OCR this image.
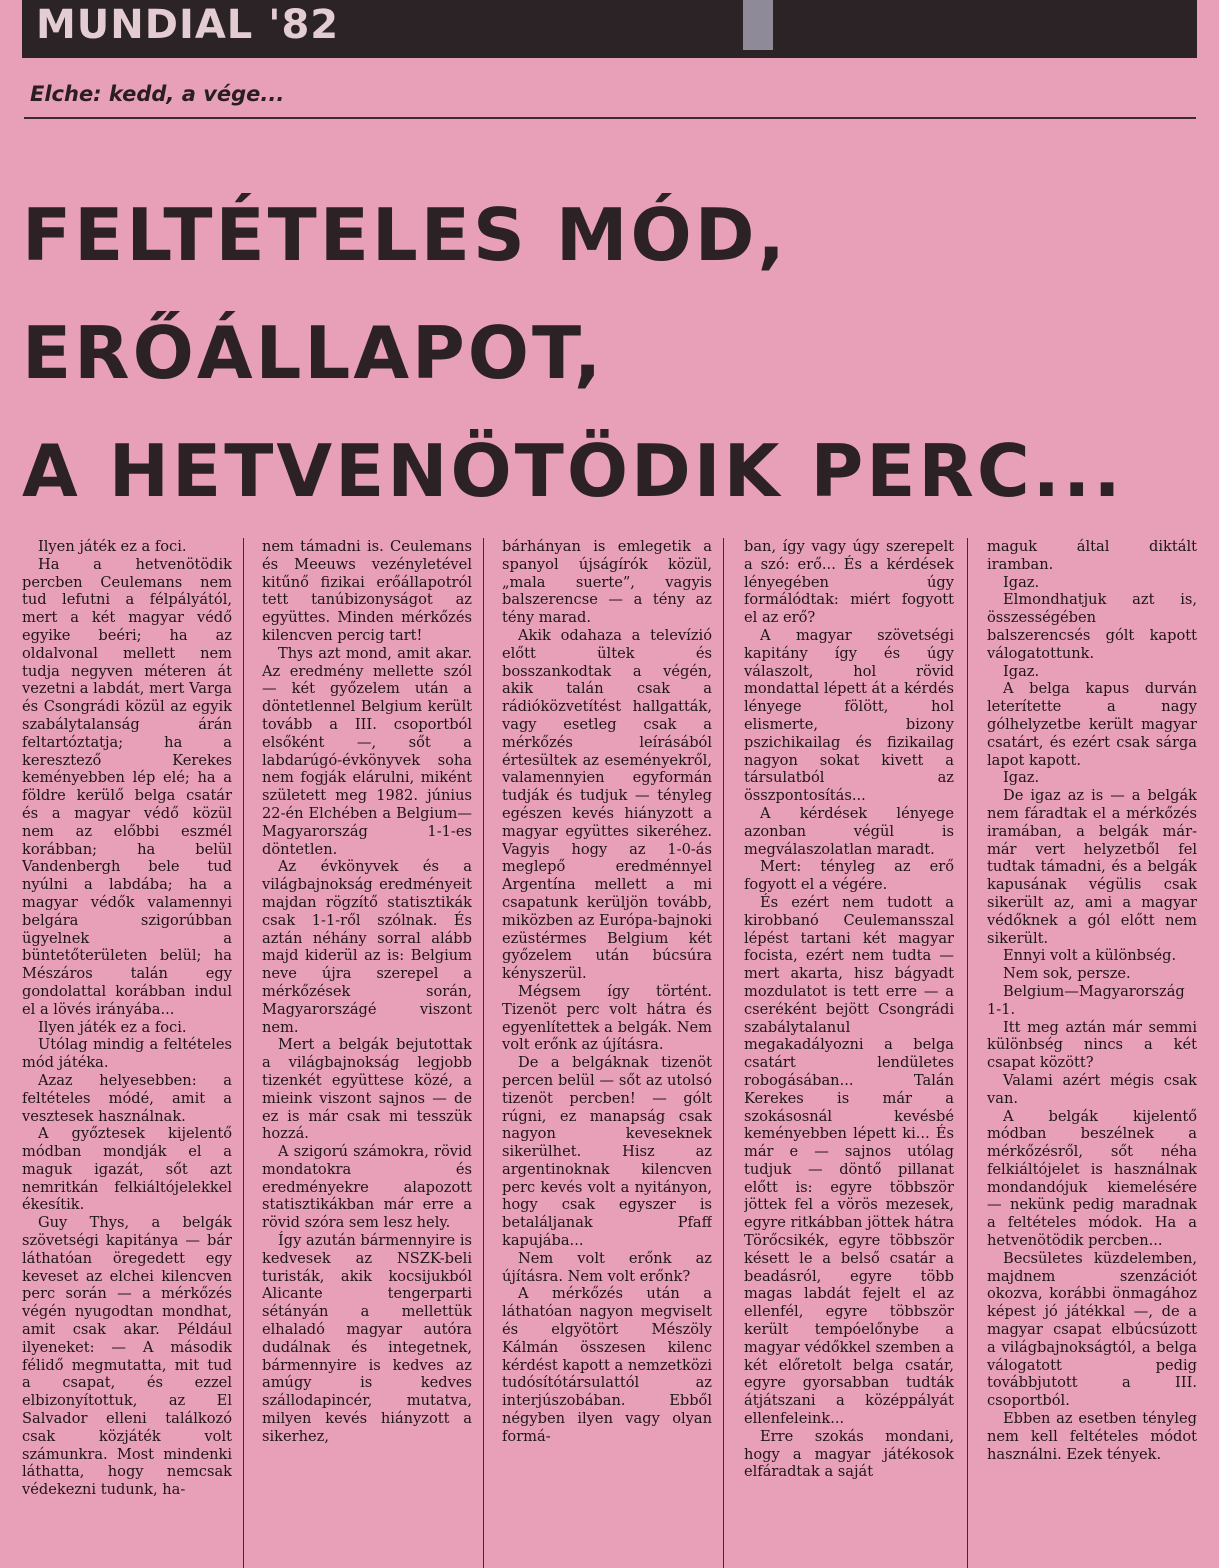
MUNDIAL '82
Elche: kedd, a vége...
FELTÉTELES MÓD,
ERŐÁLLAPOT,
A HETVENÖTÖDIK PERC...

Ilyen játék ez a foci.

Ha a hetvenötödik percben Ceulemans nem tud lefutni a félpályától, mert a két magyar védő egyike beéri; ha az oldalvonal mellett nem tudja negyven méteren át vezetni a labdát, mert Varga és Csongrádi közül az egyik szabálytalanság árán feltartóztatja; ha a keresztező Kerekes keményebben lép elé; ha a földre kerülő belga csatár és a magyar védő közül nem az előbbi eszmél korábban; ha belül Vandenbergh bele tud nyúlni a labdába; ha a magyar védők valamennyi belgára szigorúbban ügyelnek a büntetőterületen belül; ha Mészáros talán egy gondolattal korábban indul el a lövés irányába...

Ilyen játék ez a foci.

Utólag mindig a feltételes mód játéka.

Azaz helyesebben: a feltételes módé, amit a vesztesek használnak.

A győztesek kijelentő módban mondják el a maguk igazát, sőt azt nemritkán felkiáltójelekkel ékesítik.

Guy Thys, a belgák szövetségi kapitánya — bár láthatóan öregedett egy keveset az elchei kilencven perc során — a mérkőzés végén nyugodtan mondhat, amit csak akar. Például ilyeneket: — A második félidő megmutatta, mit tud a csapat, és ezzel elbizonyítottuk, az El Salvador elleni találkozó csak közjáték volt számunkra. Most mindenki láthatta, hogy nemcsak védekezni tudunk, ha-

nem támadni is. Ceulemans és Meeuws vezényletével kitűnő fizikai erőállapotról tett tanúbizonyságot az együttes. Minden mérkőzés kilencven percig tart!

Thys azt mond, amit akar. Az eredmény mellette szól — két győzelem után a döntetlennel Belgium került tovább a III. csoportból elsőként —, sőt a labdarúgó-évkönyvek soha nem fogják elárulni, miként született meg 1982. június 22-én Elchében a Belgium—Magyarország 1-1-es döntetlen.

Az évkönyvek és a világbajnokság eredményeit majdan rögzítő statisztikák csak 1-1-ről szólnak. És aztán néhány sorral alább majd kiderül az is: Belgium neve újra szerepel a mérkőzések során, Magyarországé viszont nem.

Mert a belgák bejutottak a világbajnokság legjobb tizenkét együttese közé, a mieink viszont sajnos — de ez is már csak mi tesszük hozzá.

A szigorú számokra, rövid mondatokra és eredményekre alapozott statisztikákban már erre a rövid szóra sem lesz hely.

Így azután bármennyire is kedvesek az NSZK-beli turisták, akik kocsijukból Alicante tengerparti sétányán a mellettük elhaladó magyar autóra dudálnak és integetnek, bármennyire is kedves az amúgy is kedves szállodapincér, mutatva, milyen kevés hiányzott a sikerhez,

bárhányan is emlegetik a spanyol újságírók közül, „mala suerte”, vagyis balszerencse — a tény az tény marad.

Akik odahaza a televízió előtt ültek és bosszankodtak a végén, akik talán csak a rádióközvetítést hallgatták, vagy esetleg csak a mérkőzés leírásából értesültek az eseményekről, valamennyien egyformán tudják és tudjuk — tényleg egészen kevés hiányzott a magyar együttes sikeréhez. Vagyis hogy az 1-0-ás meglepő eredménnyel Argentína mellett a mi csapatunk kerüljön tovább, miközben az Európa-bajnoki ezüstérmes Belgium két győzelem után búcsúra kényszerül.

Mégsem így történt. Tizenöt perc volt hátra és egyenlítettek a belgák. Nem volt erőnk az újításra.

De a belgáknak tizenöt percen belül — sőt az utolsó tizenöt percben! — gólt rúgni, ez manapság csak nagyon keveseknek sikerülhet. Hisz az argentinoknak kilencven perc kevés volt a nyitányon, hogy csak egyszer is betaláljanak Pfaff kapujába...

Nem volt erőnk az újításra. Nem volt erőnk?

A mérkőzés után a láthatóan nagyon megviselt és elgyötört Mészöly Kálmán összesen kilenc kérdést kapott a nemzetközi tudósítótársulattól az interjúszobában. Ebből négyben ilyen vagy olyan formá-

ban, így vagy úgy szerepelt a szó: erő... És a kérdések lényegében úgy formálódtak: miért fogyott el az erő?

A magyar szövetségi kapitány így és úgy válaszolt, hol rövid mondattal lépett át a kérdés lényege fölött, hol elismerte, bizony pszichikailag és fizikailag nagyon sokat kivett a társulatból az összpontosítás...

A kérdések lényege azonban végül is megválaszolatlan maradt.

Mert: tényleg az erő fogyott el a végére.

És ezért nem tudott a kirobbanó Ceulemansszal lépést tartani két magyar focista, ezért nem tudta — mert akarta, hisz bágyadt mozdulatot is tett erre — a cseréként bejött Csongrádi szabálytalanul megakadályozni a belga csatárt lendületes robogásában... Talán Kerekes is már a szokásosnál kevésbé keményebben lépett ki... És már e — sajnos utólag tudjuk — döntő pillanat előtt is: egyre többször jöttek fel a vörös mezesek, egyre ritkábban jöttek hátra Törőcsikék, egyre többször késett le a belső csatár a beadásról, egyre több magas labdát fejelt el az ellenfél, egyre többször került tempóelőnybe a magyar védőkkel szemben a két előretolt belga csatár, egyre gyorsabban tudták átjátszani a középpályát ellenfeleink...

Erre szokás mondani, hogy a magyar játékosok elfáradtak a saját

maguk által diktált iramban.

Igaz.

Elmondhatjuk azt is, összességében balszerencsés gólt kapott válogatottunk.

Igaz.

A belga kapus durván leterítette a nagy gólhelyzetbe került magyar csatárt, és ezért csak sárga lapot kapott.

Igaz.

De igaz az is — a belgák nem fáradtak el a mérkőzés iramában, a belgák már-már vert helyzetből fel tudtak támadni, és a belgák kapusának végülis csak sikerült az, ami a magyar védőknek a gól előtt nem sikerült.

Ennyi volt a különbség.

Nem sok, persze.

Belgium—Magyarország 1-1.

Itt meg aztán már semmi különbség nincs a két csapat között?

Valami azért mégis csak van.

A belgák kijelentő módban beszélnek a mérkőzésről, sőt néha felkiáltójelet is használnak mondandójuk kiemelésére — nekünk pedig maradnak a feltételes módok. Ha a hetvenötödik percben...

Becsületes küzdelemben, majdnem szenzációt okozva, korábbi önmagához képest jó játékkal —, de a magyar csapat elbúcsúzott a világbajnokságtól, a belga válogatott pedig továbbjutott a III. csoportból.

Ebben az esetben tényleg nem kell feltételes módot használni. Ezek tények.
